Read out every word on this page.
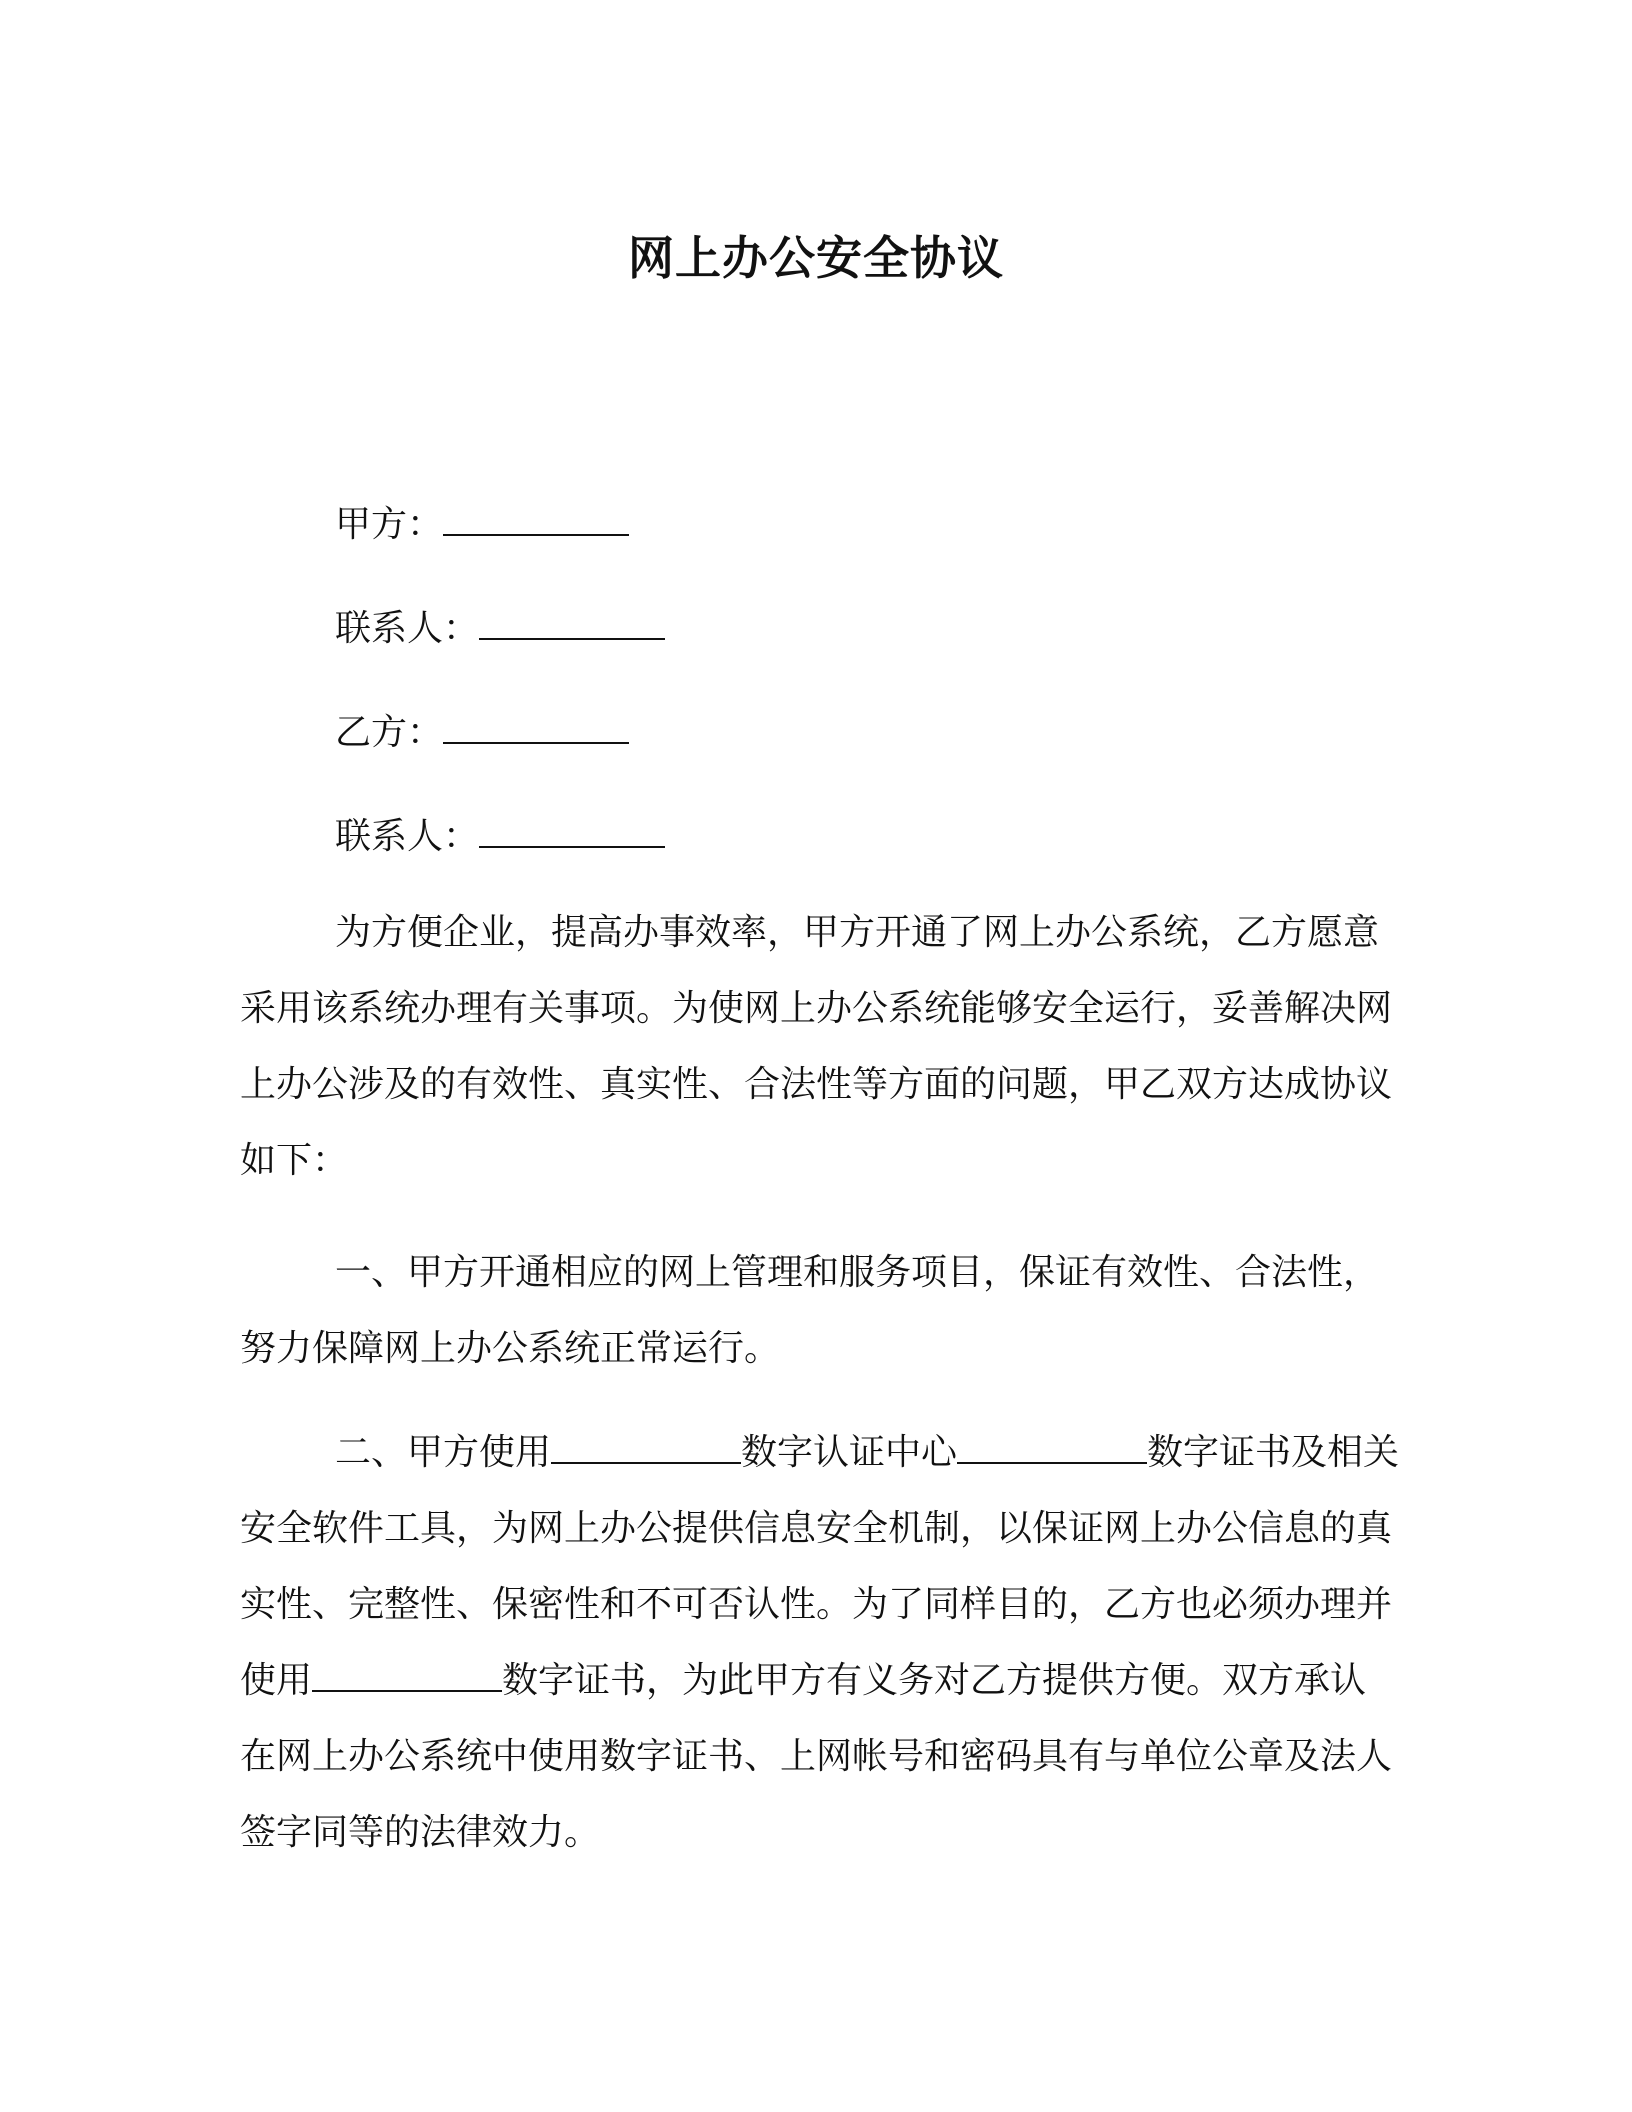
网上办公安全协议
甲方：
联系人：
乙方：
联系人：
为方便企业，提高办事效率，甲方开通了网上办公系统，乙方愿意采用该系统办理有关事项。为使网上办公系统能够安全运行，妥善解决网上办公涉及的有效性、真实性、合法性等方面的问题，甲乙双方达成协议如下：
一、甲方开通相应的网上管理和服务项目，保证有效性、合法性，努力保障网上办公系统正常运行。
二、甲方使用	数字认证中心	数字证书及相关安全软件工具，为网上办公提供信息安全机制，以保证网上办公信息的真实性、完整性、保密性和不可否认性。为了同样目的，乙方也必须办理并使用	数字证书，为此甲方有义务对乙方提供方便。双方承认在网上办公系统中使用数字证书、上网帐号和密码具有与单位公章及法人签字同等的法律效力。
